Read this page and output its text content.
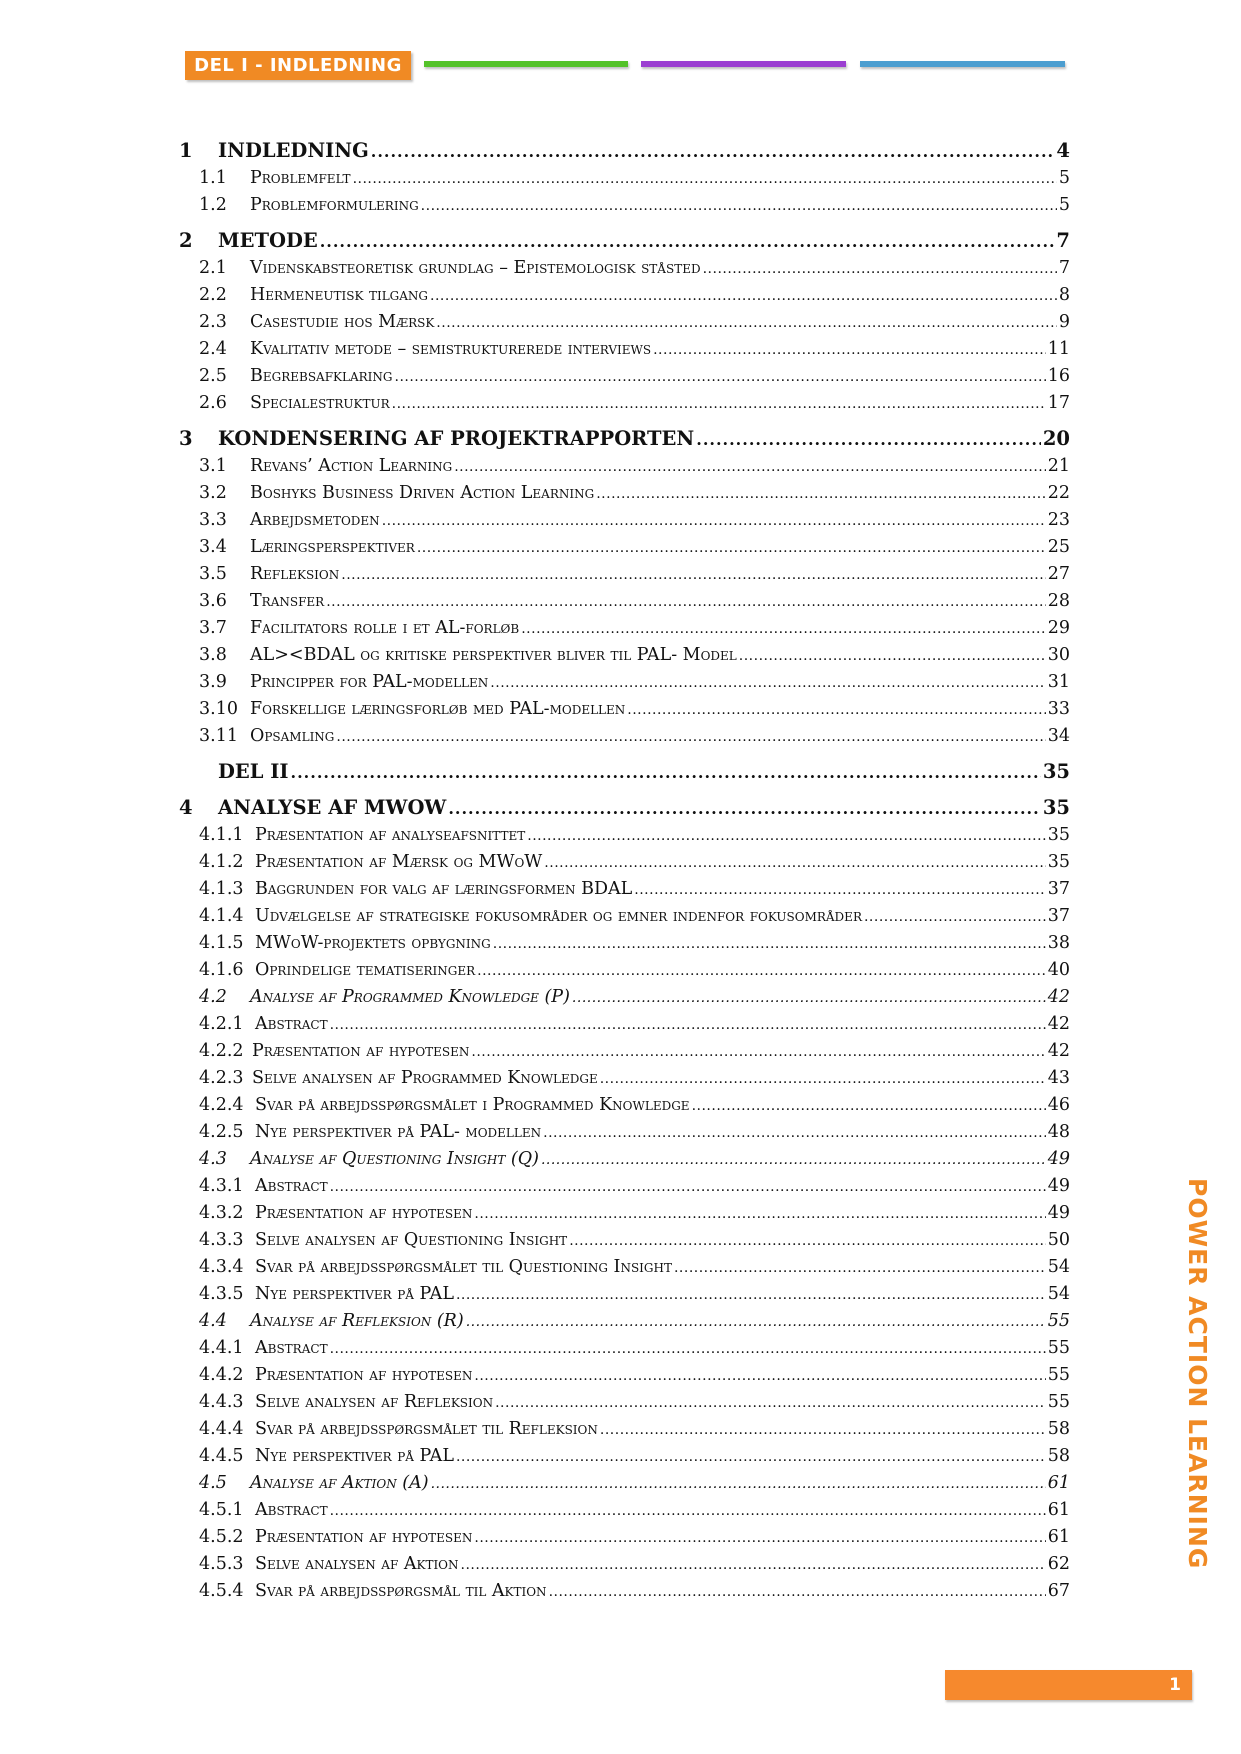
DEL I - INDLEDNING
1	INDLEDNING .....	4
1.1	Problemfelt .....	5
1.2	Problemformulering .....	5
2	METODE .....	7
2.1	Videnskabsteoretisk grundlag – Epistemologisk ståsted .....	7
2.2	Hermeneutisk tilgang .....	8
2.3	Casestudie hos Mærsk .....	9
2.4	Kvalitativ metode – semistrukturerede interviews .....	11
2.5	Begrebsafklaring .....	16
2.6	Specialestruktur .....	17
3	KONDENSERING AF PROJEKTRAPPORTEN .....	20
3.1	Revans’ Action Learning .....	21
3.2	Boshyks Business Driven Action Learning .....	22
3.3	Arbejdsmetoden .....	23
3.4	Læringsperspektiver .....	25
3.5	Refleksion .....	27
3.6	Transfer .....	28
3.7	Facilitators rolle i et AL-forløb .....	29
3.8	AL><BDAL og kritiske perspektiver bliver til PAL- Model .....	30
3.9	Principper for PAL-modellen .....	31
3.10 Forskellige læringsforløb med PAL-modellen .....	33
3.11 Opsamling .....	34
DEL II .....	35
4	ANALYSE AF MWOW .....	35
4.1.1 Præsentation af analyseafsnittet .....	35
4.1.2 Præsentation af Mærsk og MWoW .....	35
4.1.3 Baggrunden for valg af læringsformen BDAL .....	37
4.1.4 Udvælgelse af strategiske fokusområder og emner indenfor fokusområder .....	37
4.1.5 MWoW-projektets opbygning .....	38
4.1.6 Oprindelige tematiseringer .....	40
4.2	Analyse af Programmed Knowledge (P) .....	42
4.2.1 Abstract .....	42
4.2.2 Præsentation af hypotesen .....	42
4.2.3 Selve analysen af Programmed Knowledge .....	43
4.2.4 Svar på arbejdsspørgsmålet i Programmed Knowledge .....	46
4.2.5 Nye perspektiver på PAL- modellen .....	48
4.3	Analyse af Questioning Insight (Q) .....	49
4.3.1 Abstract .....	49
4.3.2 Præsentation af hypotesen .....	49
4.3.3 Selve analysen af Questioning Insight .....	50
4.3.4 Svar på arbejdsspørgsmålet til Questioning Insight .....	54
4.3.5 Nye perspektiver på PAL .....	54
4.4	Analyse af Refleksion (R) .....	55
4.4.1 Abstract .....	55
4.4.2 Præsentation af hypotesen .....	55
4.4.3 Selve analysen af Refleksion .....	55
4.4.4 Svar på arbejdsspørgsmålet til Refleksion .....	58
4.4.5 Nye perspektiver på PAL .....	58
4.5	Analyse af Aktion (A) .....	61
4.5.1 Abstract .....	61
4.5.2 Præsentation af hypotesen .....	61
4.5.3 Selve analysen af Aktion .....	62
4.5.4 Svar på arbejdsspørgsmål til Aktion .....	67
POWER ACTION LEARNING
1
